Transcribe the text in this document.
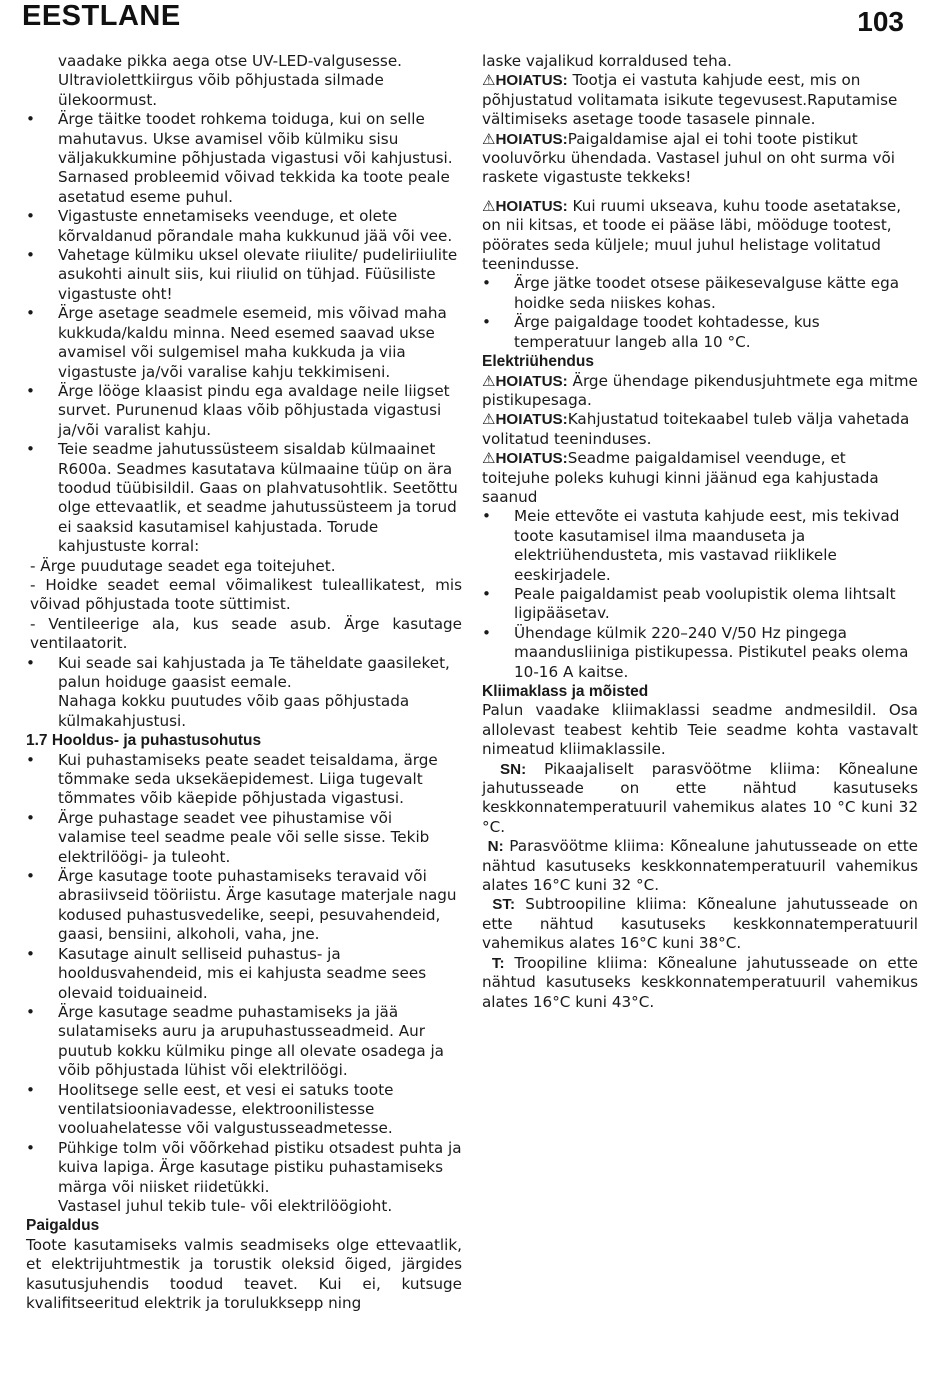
EESTLANE	103

vaadake pikka aega otse UV-LED-valgusesse. Ultraviolettkiirgus võib põhjustada silmade ülekoormust.

• Ärge täitke toodet rohkema toiduga, kui on selle mahutavus. Ukse avamisel võib külmiku sisu väljakukkumine põhjustada vigastusi või kahjustusi. Sarnased probleemid võivad tekkida ka toote peale asetatud eseme puhul.

• Vigastuste ennetamiseks veenduge, et olete kõrvaldanud põrandale maha kukkunud jää või vee.

• Vahetage külmiku uksel olevate riiulite/ pudeliriiulite asukohti ainult siis, kui riiulid on tühjad. Füüsiliste vigastuste oht!

• Ärge asetage seadmele esemeid, mis võivad maha kukkuda/kaldu minna. Need esemed saavad ukse avamisel või sulgemisel maha kukkuda ja viia vigastuste ja/või varalise kahju tekkimiseni.

• Ärge lööge klaasist pindu ega avaldage neile liigset survet. Purunenud klaas võib põhjustada vigastusi ja/või varalist kahju.

• Teie seadme jahutussüsteem sisaldab külmaainet R600a. Seadmes kasutatava külmaaine tüüp on ära toodud tüübisildil. Gaas on plahvatusohtlik. Seetõttu olge ettevaatlik, et seadme jahutussüsteem ja torud ei saaksid kasutamisel kahjustada. Torude kahjustuste korral:

- Ärge puudutage seadet ega toitejuhet.

- Hoidke seadet eemal võimalikest tuleallikatest, mis võivad põhjustada toote süttimist.

- Ventileerige ala, kus seade asub. Ärge kasutage ventilaatorit.

• Kui seade sai kahjustada ja Te täheldate gaasileket, palun hoiduge gaasist eemale.

Nahaga kokku puutudes võib gaas põhjustada külmakahjustusi.

1.7 Hooldus- ja puhastusohutus

• Kui puhastamiseks peate seadet teisaldama, ärge tõmmake seda uksekäepidemest. Liiga tugevalt tõmmates võib käepide põhjustada vigastusi.

• Ärge puhastage seadet vee pihustamise või valamise teel seadme peale või selle sisse. Tekib elektrilöögi- ja tuleoht.

• Ärge kasutage toote puhastamiseks teravaid või abrasiivseid tööriistu. Ärge kasutage materjale nagu kodused puhastusvedelike, seepi, pesuvahendeid, gaasi, bensiini, alkoholi, vaha, jne.

• Kasutage ainult selliseid puhastus- ja hooldusvahendeid, mis ei kahjusta seadme sees olevaid toiduaineid.

• Ärge kasutage seadme puhastamiseks ja jää sulatamiseks auru ja arupuhastusseadmeid. Aur puutub kokku külmiku pinge all olevate osadega ja võib põhjustada lühist või elektrilöögi.

• Hoolitsege selle eest, et vesi ei satuks toote ventilatsiooniavadesse, elektroonilistesse vooluahelatesse või valgustusseadmetesse.

• Pühkige tolm või võõrkehad pistiku otsadest puhta ja kuiva lapiga. Ärge kasutage pistiku puhastamiseks märga või niisket riidetükki.

Vastasel juhul tekib tule- või elektrilöögioht.

Paigaldus

Toote kasutamiseks valmis seadmiseks olge ettevaatlik, et elektrijuhtmestik ja torustik oleksid õiged, järgides kasutusjuhendis toodud teavet. Kui ei, kutsuge kvalifitseeritud elektrik ja torulukksepp ning

laske vajalikud korraldused teha.

⚠HOIATUS: Tootja ei vastuta kahjude eest, mis on põhjustatud volitamata isikute tegevusest.Raputamise vältimiseks asetage toode tasasele pinnale.

⚠HOIATUS:Paigaldamise ajal ei tohi toote pistikut vooluvõrku ühendada. Vastasel juhul on oht surma või raskete vigastuste tekkeks!

⚠HOIATUS: Kui ruumi ukseava, kuhu toode asetatakse, on nii kitsas, et toode ei pääse läbi, mööduge tootest, pöörates seda küljele; muul juhul helistage volitatud teenindusse.

• Ärge jätke toodet otsese päikesevalguse kätte ega hoidke seda niiskes kohas.

• Ärge paigaldage toodet kohtadesse, kus temperatuur langeb alla 10 °C.

Elektriühendus

⚠HOIATUS: Ärge ühendage pikendusjuhtmete ega mitme pistikupesaga.

⚠HOIATUS:Kahjustatud toitekaabel tuleb välja vahetada volitatud teeninduses.

⚠HOIATUS:Seadme paigaldamisel veenduge, et toitejuhe poleks kuhugi kinni jäänud ega kahjustada saanud

• Meie ettevõte ei vastuta kahjude eest, mis tekivad toote kasutamisel ilma maanduseta ja elektriühendusteta, mis vastavad riiklikele eeskirjadele.

• Peale paigaldamist peab voolupistik olema lihtsalt ligipääsetav.

• Ühendage külmik 220–240 V/50 Hz pingega maandusliiniga pistikupessa. Pistikutel peaks olema 10-16 A kaitse.

Kliimaklass ja mõisted

Palun vaadake kliimaklassi seadme andmesildil. Osa allolevast teabest kehtib Teie seadme kohta vastavalt nimeatud kliimaklassile.

SN: Pikaajaliselt parasvöötme kliima: Kõnealune jahutusseade on ette nähtud kasutuseks keskkonnatemperatuuril vahemikus alates 10 °C kuni 32 °C.

N: Parasvöötme kliima: Kõnealune jahutusseade on ette nähtud kasutuseks keskkonnatemperatuuril vahemikus alates 16°C kuni 32 °C.

ST: Subtroopiline kliima: Kõnealune jahutusseade on ette nähtud kasutuseks keskkonnatemperatuuril vahemikus alates 16°C kuni 38°C.

T: Troopiline kliima: Kõnealune jahutusseade on ette nähtud kasutuseks keskkonnatemperatuuril vahemikus alates 16°C kuni 43°C.
